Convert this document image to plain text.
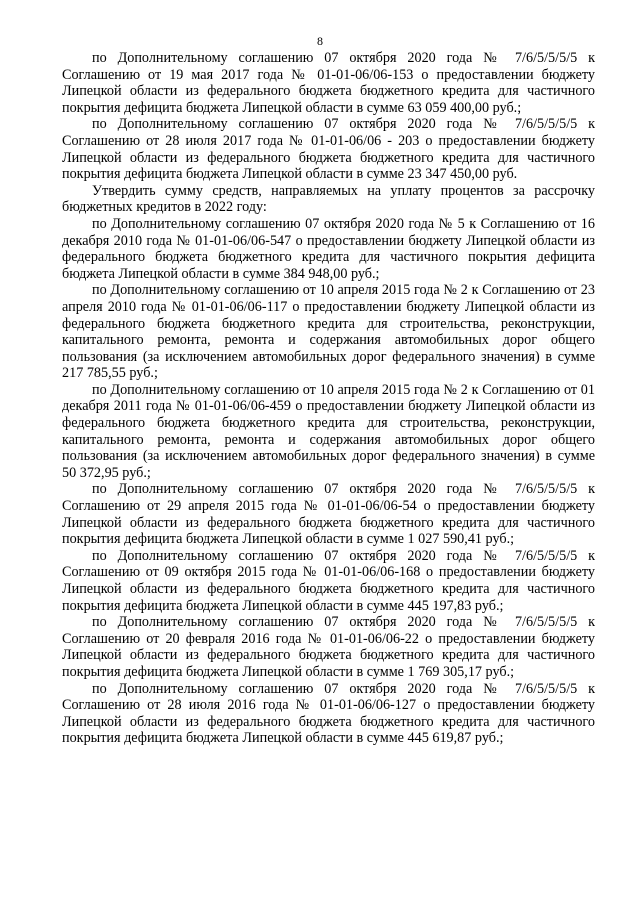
8

по Дополнительному соглашению 07 октября 2020 года № 7/6/5/5/5/5 к Соглашению от 19 мая 2017 года № 01-01-06/06-153 о предоставлении бюджету Липецкой области из федерального бюджета бюджетного кредита для частичного покрытия дефицита бюджета Липецкой области в сумме 63 059 400,00 руб.;

по Дополнительному соглашению 07 октября 2020 года № 7/6/5/5/5/5 к Соглашению от 28 июля 2017 года № 01-01-06/06 - 203 о предоставлении бюджету Липецкой области из федерального бюджета бюджетного кредита для частичного покрытия дефицита бюджета Липецкой области в сумме 23 347 450,00 руб.

Утвердить сумму средств, направляемых на уплату процентов за рассрочку бюджетных кредитов в 2022 году:

по Дополнительному соглашению 07 октября 2020 года № 5 к Соглашению от 16 декабря 2010 года № 01-01-06/06-547 о предоставлении бюджету Липецкой области из федерального бюджета бюджетного кредита для частичного покрытия дефицита бюджета Липецкой области в сумме 384 948,00 руб.;

по Дополнительному соглашению от 10 апреля 2015 года № 2 к Соглашению от 23 апреля 2010 года № 01-01-06/06-117 о предоставлении бюджету Липецкой области из федерального бюджета бюджетного кредита для строительства, реконструкции, капитального ремонта, ремонта и содержания автомобильных дорог общего пользования (за исключением автомобильных дорог федерального значения) в сумме 217 785,55 руб.;

по Дополнительному соглашению от 10 апреля 2015 года № 2 к Соглашению от 01 декабря 2011 года № 01-01-06/06-459 о предоставлении бюджету Липецкой области из федерального бюджета бюджетного кредита для строительства, реконструкции, капитального ремонта, ремонта и содержания автомобильных дорог общего пользования (за исключением автомобильных дорог федерального значения) в сумме 50 372,95 руб.;

по Дополнительному соглашению 07 октября 2020 года № 7/6/5/5/5/5 к Соглашению от 29 апреля 2015 года № 01-01-06/06-54 о предоставлении бюджету Липецкой области из федерального бюджета бюджетного кредита для частичного покрытия дефицита бюджета Липецкой области в сумме 1 027 590,41 руб.;

по Дополнительному соглашению 07 октября 2020 года № 7/6/5/5/5/5 к Соглашению от 09 октября 2015 года № 01-01-06/06-168 о предоставлении бюджету Липецкой области из федерального бюджета бюджетного кредита для частичного покрытия дефицита бюджета Липецкой области в сумме 445 197,83 руб.;

по Дополнительному соглашению 07 октября 2020 года № 7/6/5/5/5/5 к Соглашению от 20 февраля 2016 года № 01-01-06/06-22 о предоставлении бюджету Липецкой области из федерального бюджета бюджетного кредита для частичного покрытия дефицита бюджета Липецкой области в сумме 1 769 305,17 руб.;

по Дополнительному соглашению 07 октября 2020 года № 7/6/5/5/5/5 к Соглашению от 28 июля 2016 года № 01-01-06/06-127 о предоставлении бюджету Липецкой области из федерального бюджета бюджетного кредита для частичного покрытия дефицита бюджета Липецкой области в сумме 445 619,87 руб.;
